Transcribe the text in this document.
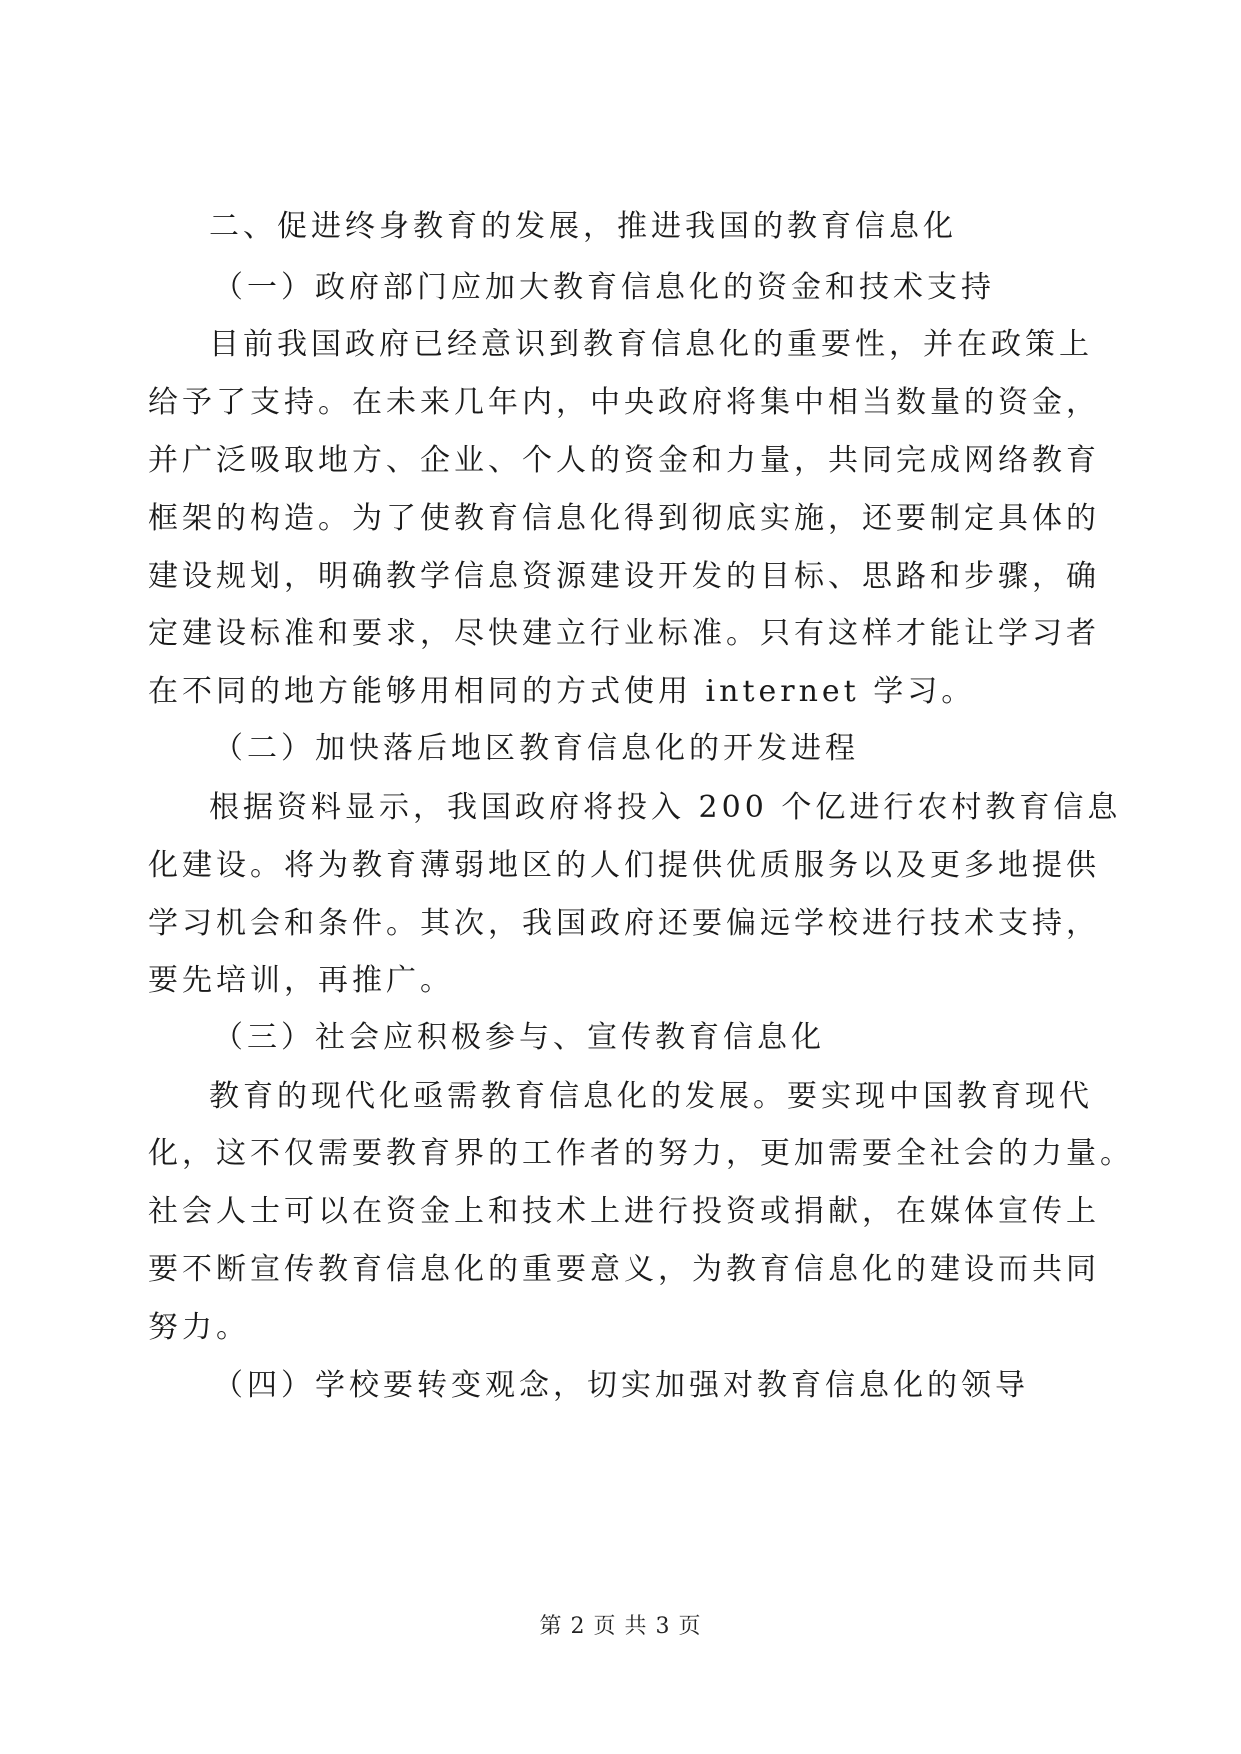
二、促进终身教育的发展，推进我国的教育信息化
（一）政府部门应加大教育信息化的资金和技术支持
目前我国政府已经意识到教育信息化的重要性，并在政策上
给予了支持。在未来几年内，中央政府将集中相当数量的资金，
并广泛吸取地方、企业、个人的资金和力量，共同完成网络教育
框架的构造。为了使教育信息化得到彻底实施，还要制定具体的
建设规划，明确教学信息资源建设开发的目标、思路和步骤，确
定建设标准和要求，尽快建立行业标准。只有这样才能让学习者
在不同的地方能够用相同的方式使用 internet 学习。
（二）加快落后地区教育信息化的开发进程
根据资料显示，我国政府将投入 200 个亿进行农村教育信息
化建设。将为教育薄弱地区的人们提供优质服务以及更多地提供
学习机会和条件。其次，我国政府还要偏远学校进行技术支持，
要先培训，再推广。
（三）社会应积极参与、宣传教育信息化
教育的现代化亟需教育信息化的发展。要实现中国教育现代
化，这不仅需要教育界的工作者的努力，更加需要全社会的力量。
社会人士可以在资金上和技术上进行投资或捐献，在媒体宣传上
要不断宣传教育信息化的重要意义，为教育信息化的建设而共同
努力。
（四）学校要转变观念，切实加强对教育信息化的领导
第 2 页 共 3 页
